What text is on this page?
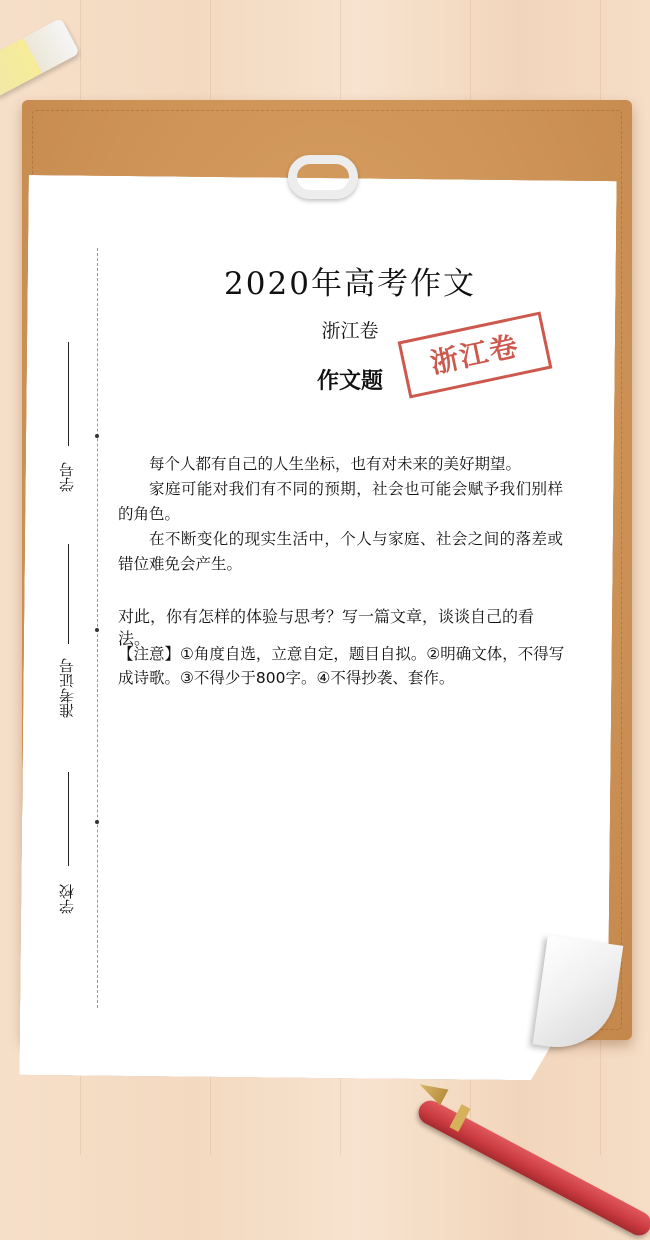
学号
准考证号
学校
2020年高考作文
浙江卷
作文题
浙江卷

每个人都有自己的人生坐标，也有对未来的美好期望。

家庭可能对我们有不同的预期，社会也可能会赋予我们别样的角色。

在不断变化的现实生活中，个人与家庭、社会之间的落差或错位难免会产生。

对此，你有怎样的体验与思考？写一篇文章，谈谈自己的看法。

【注意】①角度自选，立意自定，题目自拟。②明确文体，不得写成诗歌。③不得少于800字。④不得抄袭、套作。
